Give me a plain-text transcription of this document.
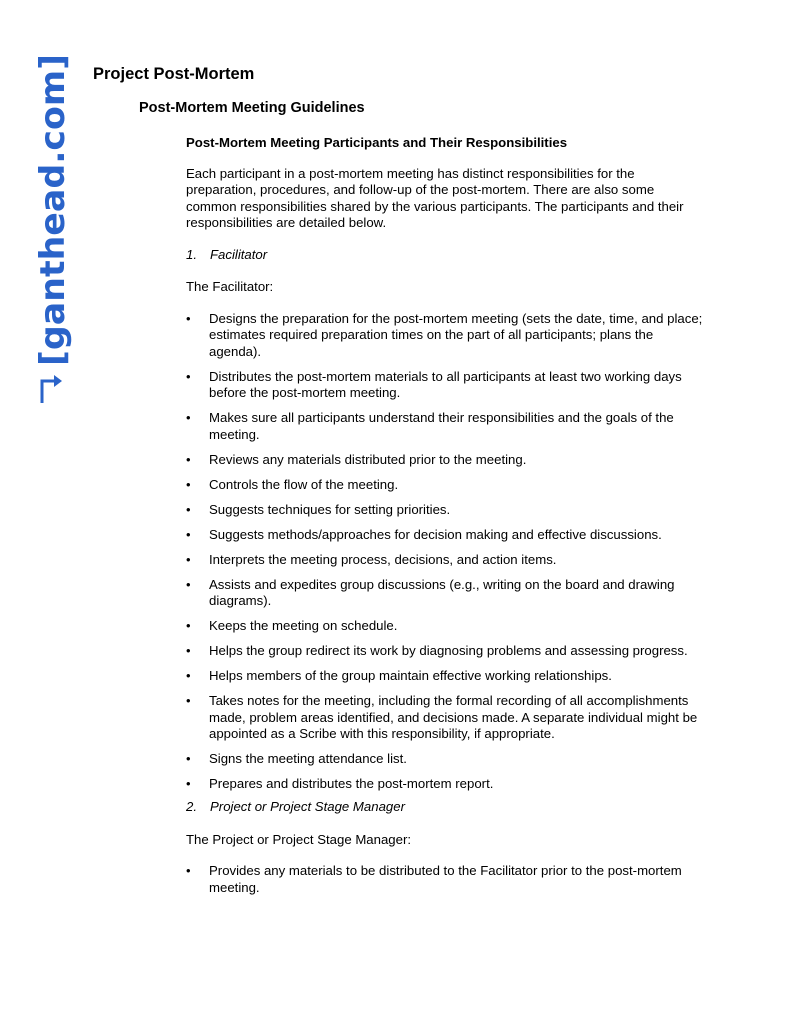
[ganthead.com] Project Post-Mortem
Post-Mortem Meeting Guidelines

Post-Mortem Meeting Participants and Their Responsibilities

Each participant in a post-mortem meeting has distinct responsibilities for the preparation, procedures, and follow-up of the post-mortem. There are also some common responsibilities shared by the various participants. The participants and their responsibilities are detailed below.

1. Facilitator

The Facilitator:

• Designs the preparation for the post-mortem meeting (sets the date, time, and place; estimates required preparation times on the part of all participants; plans the agenda).
• Distributes the post-mortem materials to all participants at least two working days before the post-mortem meeting.
• Makes sure all participants understand their responsibilities and the goals of the meeting.
• Reviews any materials distributed prior to the meeting.
• Controls the flow of the meeting.
• Suggests techniques for setting priorities.
• Suggests methods/approaches for decision making and effective discussions.
• Interprets the meeting process, decisions, and action items.
• Assists and expedites group discussions (e.g., writing on the board and drawing diagrams).
• Keeps the meeting on schedule.
• Helps the group redirect its work by diagnosing problems and assessing progress.
• Helps members of the group maintain effective working relationships.
• Takes notes for the meeting, including the formal recording of all accomplishments made, problem areas identified, and decisions made. A separate individual might be appointed as a Scribe with this responsibility, if appropriate.
• Signs the meeting attendance list.
• Prepares and distributes the post-mortem report.

2. Project or Project Stage Manager

The Project or Project Stage Manager:

• Provides any materials to be distributed to the Facilitator prior to the post-mortem meeting.
